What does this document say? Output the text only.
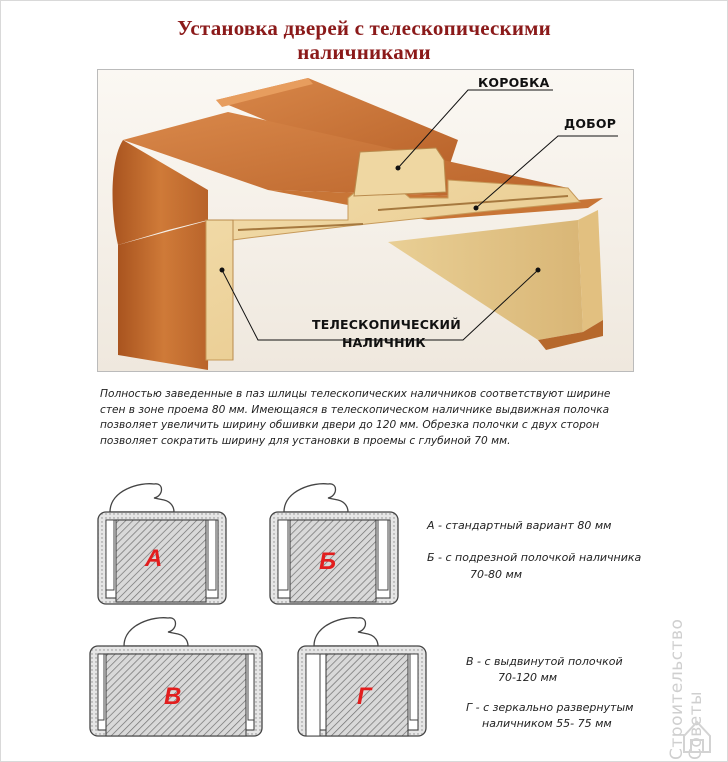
Установка дверей с телескопическими
наличниками
КОРОБКА
ДОБОР
ТЕЛЕСКОПИЧЕСКИЙ
НАЛИЧНИК
Полностью заведенные в паз шлицы телескопических наличников соответствуют ширине
стен в зоне проема 80 мм. Имеющаяся в телескопическом наличнике выдвижная полочка
позволяет увеличить ширину обшивки двери до 120 мм. Обрезка полочки с двух сторон
позволяет сократить ширину для установки в проемы с глубиной 70 мм.
А	Б
В	Г
А - стандартный вариант 80 мм
Б - с подрезной полочкой наличника
70-80 мм
В - с выдвинутой полочкой
70-120 мм
Г - с зеркально развернутым
наличником 55- 75 мм	Строительство Советы
